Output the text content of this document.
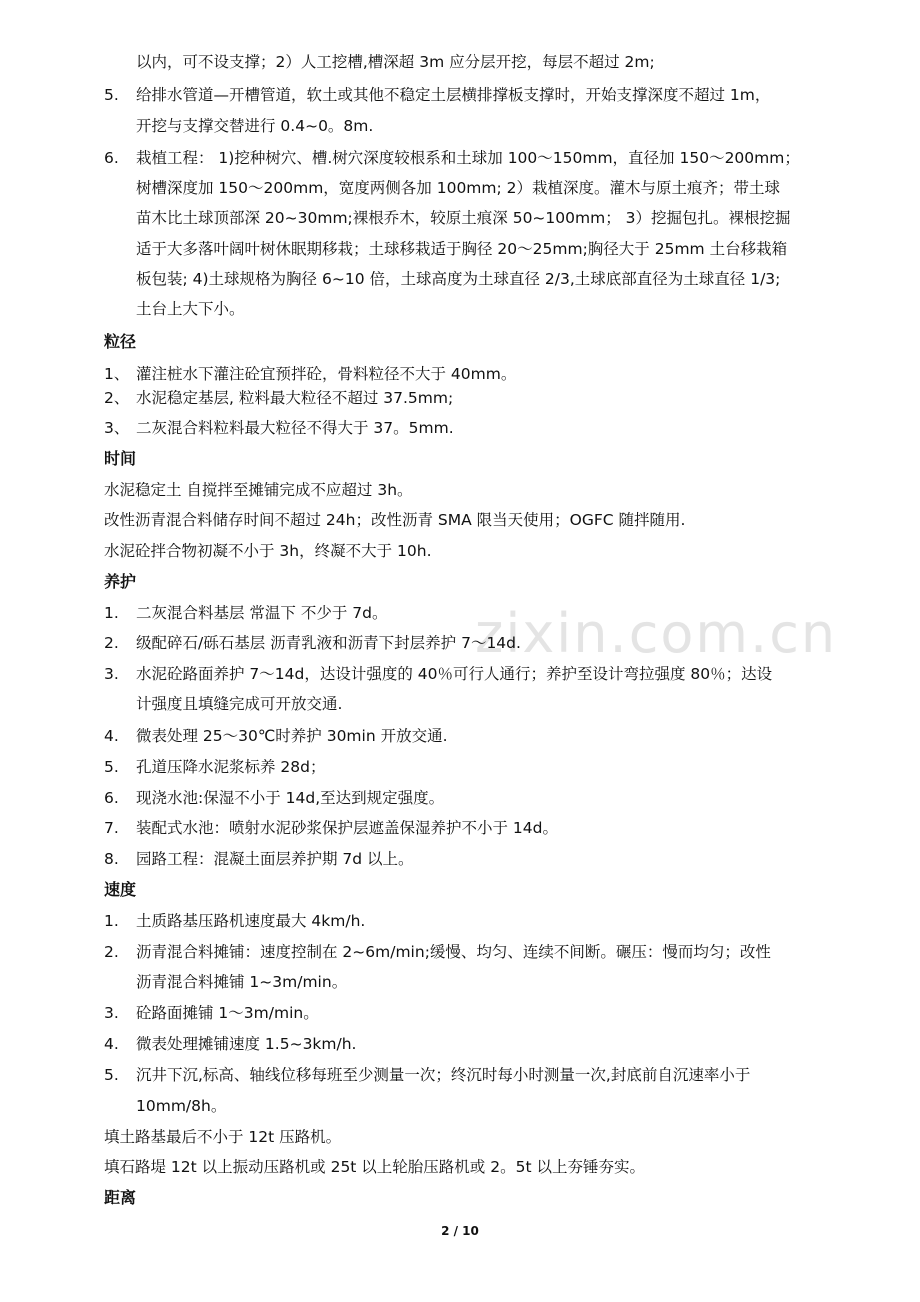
zixin.com.cn
以内，可不设支撑；2）人工挖槽,槽深超 3m 应分层开挖，每层不超过 2m;
5. 给排水管道—开槽管道，软土或其他不稳定土层横排撑板支撑时，开始支撑深度不超过 1m，
开挖与支撑交替进行 0.4~0。8m.
6. 栽植工程： 1)挖种树穴、槽.树穴深度较根系和土球加 100～150mm，直径加 150～200mm；
树槽深度加 150～200mm，宽度两侧各加 100mm; 2）栽植深度。灌木与原土痕齐；带土球
苗木比土球顶部深 20~30mm;裸根乔木，较原土痕深 50~100mm； 3）挖掘包扎。裸根挖掘
适于大多落叶阔叶树休眠期移栽；土球移栽适于胸径 20～25mm;胸径大于 25mm 土台移栽箱
板包装; 4)土球规格为胸径 6~10 倍，土球高度为土球直径 2/3,土球底部直径为土球直径 1/3;
土台上大下小。
粒径
1、 灌注桩水下灌注砼宜预拌砼，骨料粒径不大于 40mm。
2、 水泥稳定基层, 粒料最大粒径不超过 37.5mm;
3、 二灰混合料粒料最大粒径不得大于 37。5mm.
时间
水泥稳定土 自搅拌至摊铺完成不应超过 3h。
改性沥青混合料储存时间不超过 24h；改性沥青 SMA 限当天使用；OGFC 随拌随用.
水泥砼拌合物初凝不小于 3h，终凝不大于 10h.
养护
1. 二灰混合料基层 常温下 不少于 7d。
2. 级配碎石/砾石基层 沥青乳液和沥青下封层养护 7～14d.
3. 水泥砼路面养护 7～14d，达设计强度的 40％可行人通行；养护至设计弯拉强度 80％；达设
计强度且填缝完成可开放交通.
4. 微表处理 25～30℃时养护 30min 开放交通.
5. 孔道压降水泥浆标养 28d；
6. 现浇水池:保湿不小于 14d,至达到规定强度。
7. 装配式水池：喷射水泥砂浆保护层遮盖保湿养护不小于 14d。
8. 园路工程：混凝土面层养护期 7d 以上。
速度
1. 土质路基压路机速度最大 4km/h.
2. 沥青混合料摊铺：速度控制在 2~6m/min;缓慢、均匀、连续不间断。碾压：慢而均匀；改性
沥青混合料摊铺 1~3m/min。
3. 砼路面摊铺 1～3m/min。
4. 微表处理摊铺速度 1.5~3km/h.
5. 沉井下沉,标高、轴线位移每班至少测量一次；终沉时每小时测量一次,封底前自沉速率小于
10mm/8h。
填土路基最后不小于 12t 压路机。
填石路堤 12t 以上振动压路机或 25t 以上轮胎压路机或 2。5t 以上夯锤夯实。
距离
2 / 10
